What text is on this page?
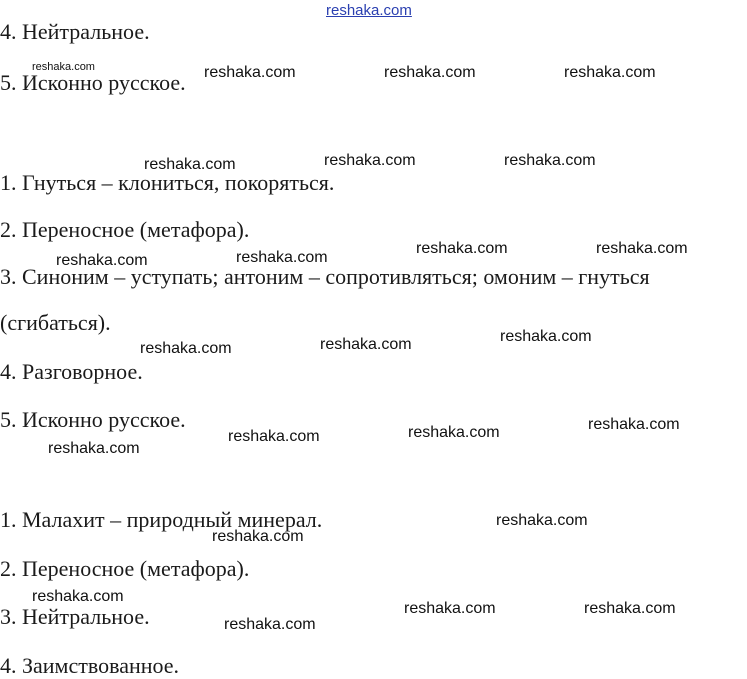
reshaka.com
4. Нейтральное.
5. Исконно русское.
1. Гнуться – клониться, покоряться.
2. Переносное (метафора).
3. Синоним – уступать; антоним – сопротивляться; омоним – гнуться
(сгибаться).
4. Разговорное.
5. Исконно русское.
1. Малахит – природный минерал.
2. Переносное (метафора).
3. Нейтральное.
4. Заимствованное.
reshaka.com	reshaka.com	reshaka.com	reshaka.com
reshaka.com	reshaka.com	reshaka.com
reshaka.com	reshaka.com
reshaka.com	reshaka.com
reshaka.com	reshaka.com	reshaka.com
reshaka.com
reshaka.com	reshaka.com	reshaka.com
reshaka.com
reshaka.com
reshaka.com
reshaka.com	reshaka.com
reshaka.com
